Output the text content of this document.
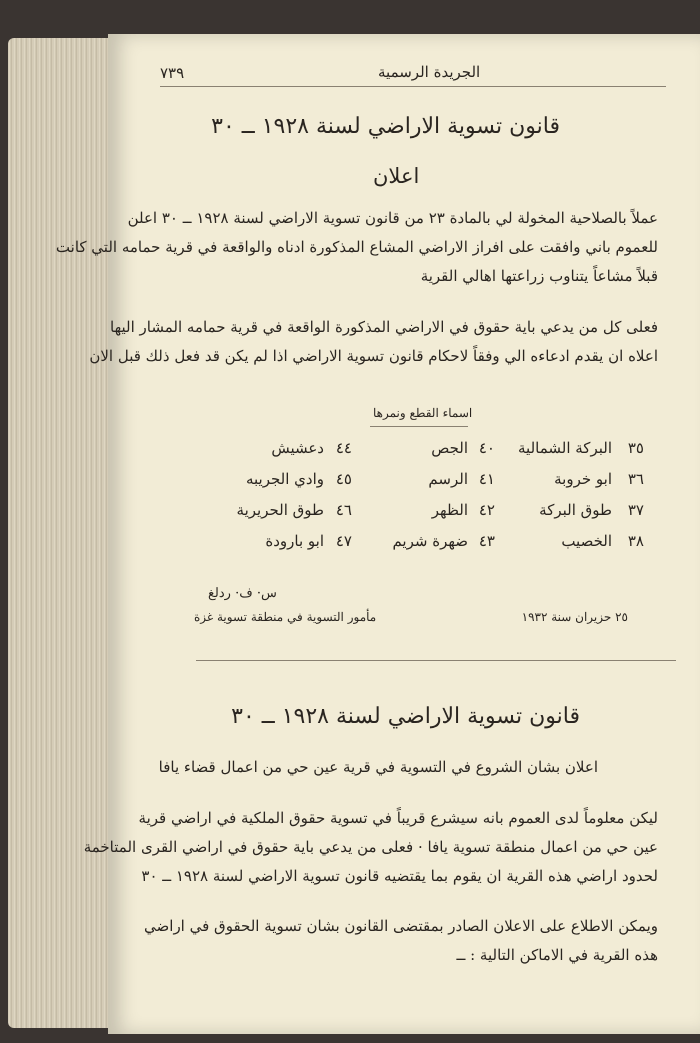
٧٣٩	الجريدة الرسمية
قانون تسوية الاراضي لسنة ١٩٢٨ ــ ٣٠
اعلان
عملاً بالصلاحية المخولة لي بالمادة ٢٣ من قانون تسوية الاراضي لسنة ١٩٢٨ ــ ٣٠ اعلن
للعموم باني وافقت على افراز الاراضي المشاع المذكورة ادناه والواقعة في قرية حمامه التي كانت
قبلاً مشاعاً يتناوب زراعتها اهالي القرية
فعلى كل من يدعي باية حقوق في الاراضي المذكورة الواقعة في قرية حمامه المشار اليها
اعلاه ان يقدم ادعاءه الي وفقاً لاحكام قانون تسوية الاراضي اذا لم يكن قد فعل ذلك قبل الان
اسماء القطع ونمرها
٣٥
البركة الشمالية
٣٦
ابو خروبة
٣٧
طوق البركة
٣٨
الخصيب
٤٠
الجص
٤١
الرسم
٤٢
الظهر
٤٣
ضهرة شريم
٤٤
دعشيش
٤٥
وادي الجريبه
٤٦
طوق الحريرية
٤٧
ابو بارودة
س· ف· ردلغ
مأمور التسوية في منطقة تسوية غزة	٢٥ حزيران سنة ١٩٣٢
قانون تسوية الاراضي لسنة ١٩٢٨ ــ ٣٠
اعلان بشان الشروع في التسوية في قرية عين حي من اعمال قضاء يافا
ليكن معلوماً لدى العموم بانه سيشرع قريباً في تسوية حقوق الملكية في اراضي قرية
عين حي من اعمال منطقة تسوية يافا · فعلى من يدعي باية حقوق في اراضي القرى المتاخمة
لحدود اراضي هذه القرية ان يقوم بما يقتضيه قانون تسوية الاراضي لسنة ١٩٢٨ ــ ٣٠
ويمكن الاطلاع على الاعلان الصادر بمقتضى القانون بشان تسوية الحقوق في اراضي
هذه القرية في الاماكن التالية : ــ
